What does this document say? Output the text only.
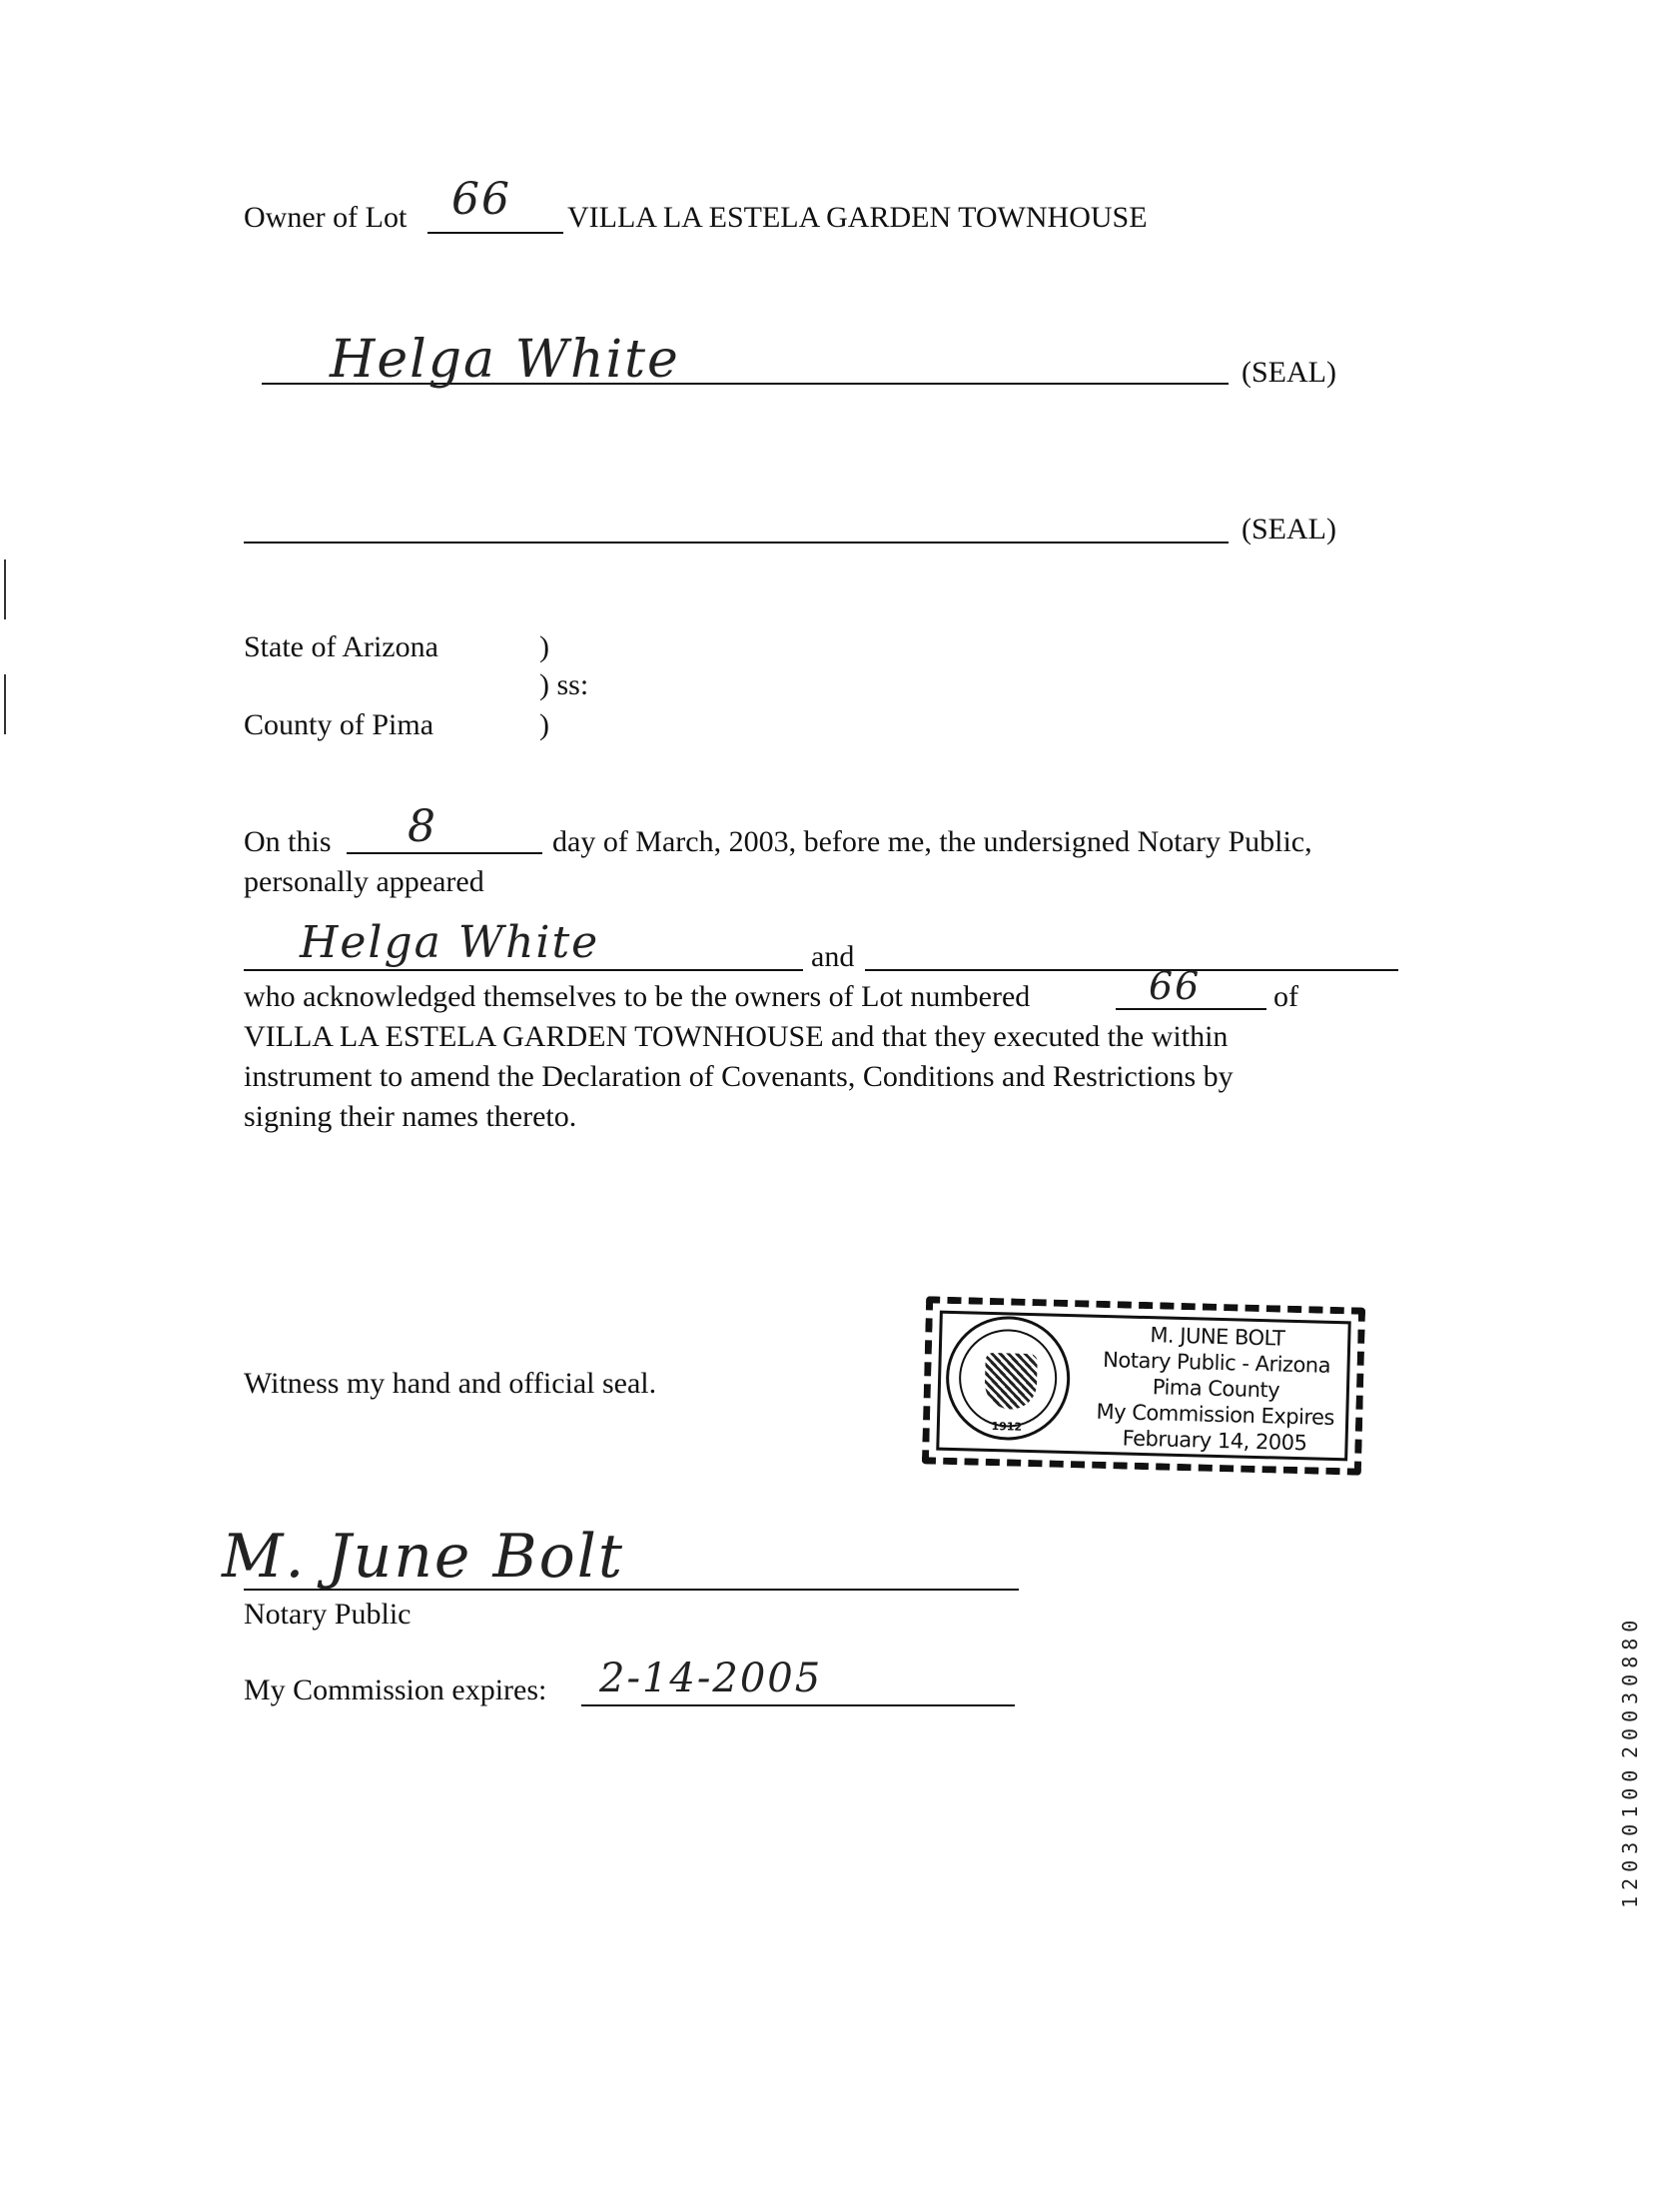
Owner of Lot 66 VILLA LA ESTELA GARDEN TOWNHOUSE
Helga White	(SEAL)
(SEAL)
State of Arizona	)
) ss:
County of Pima	)
On this 8	day of March, 2003, before me, the undersigned Notary Public,
personally appeared
Helga White	and
who acknowledged themselves to be the owners of Lot numbered	66 of
VILLA LA ESTELA GARDEN TOWNHOUSE and that they executed the within
instrument to amend the Declaration of Covenants, Conditions and Restrictions by
signing their names thereto.
Witness my hand and official seal.
1912
M. JUNE BOLT
Notary Public - Arizona
Pima County
My Commission Expires
February 14, 2005
M. June Bolt
Notary Public
My Commission expires: 2-14-2005	20030880
12030100
